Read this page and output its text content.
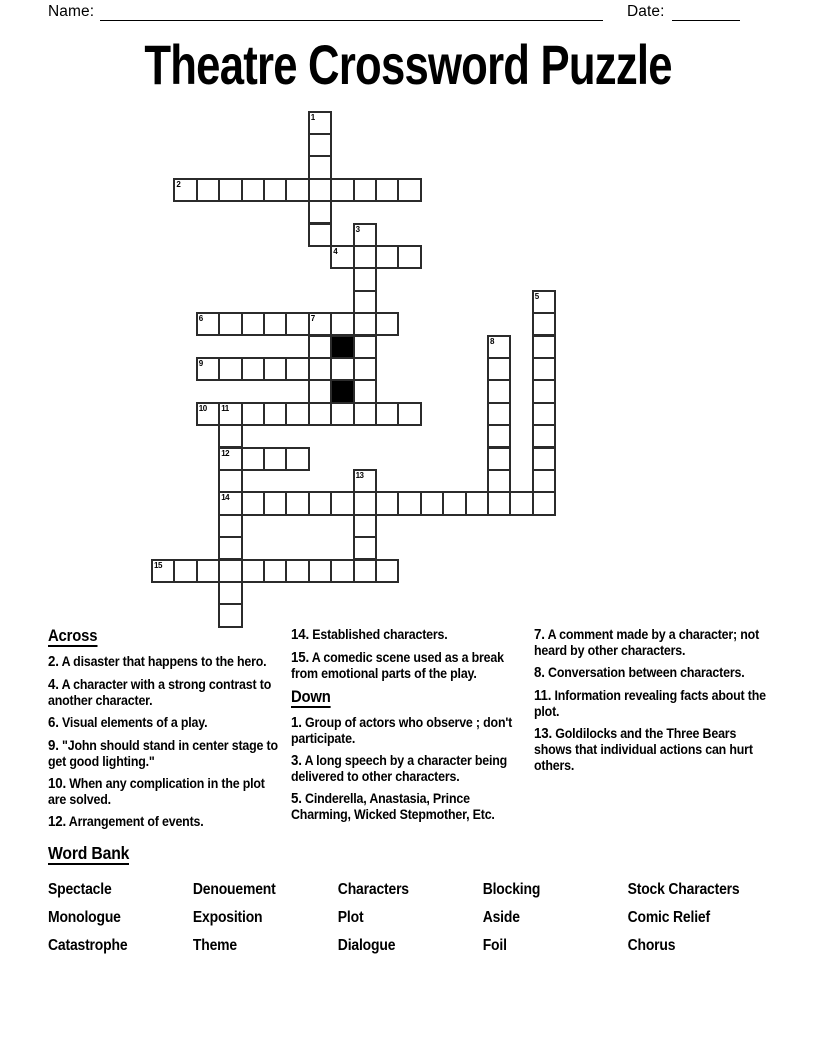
Name:	Date:
Theatre Crossword Puzzle
1
2
3
4
5
6	7
8
9
10 11
12
14
13
15
Across
2. A disaster that happens to the hero.
4. A character with a strong contrast to another character.
6. Visual elements of a play.
9. "John should stand in center stage to get good lighting."
10. When any complication in the plot are solved.
12. Arrangement of events.
14. Established characters.
15. A comedic scene used as a break from emotional parts of the play.
Down
1. Group of actors who observe ; don't participate.
3. A long speech by a character being delivered to other characters.
5. Cinderella, Anastasia, Prince Charming, Wicked Stepmother, Etc.
7. A comment made by a character; not heard by other characters.
8. Conversation between characters.
11. Information revealing facts about the plot.
13. Goldilocks and the Three Bears shows that individual actions can hurt others.
Word Bank
Spectacle	Denouement	Characters	Blocking	Stock Characters
Monologue	Exposition	Plot	Aside	Comic Relief
Catastrophe	Theme	Dialogue	Foil	Chorus
